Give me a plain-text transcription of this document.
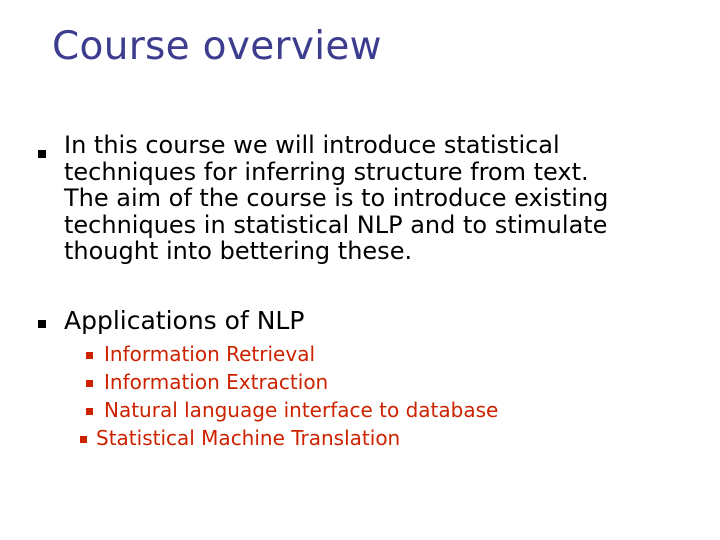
Course overview
In this course we will introduce statistical
techniques for inferring structure from text.
The aim of the course is to introduce existing
techniques in statistical NLP and to stimulate
thought into bettering these.
Applications of NLP
Information Retrieval
Information Extraction
Natural language interface to database
Statistical Machine Translation
